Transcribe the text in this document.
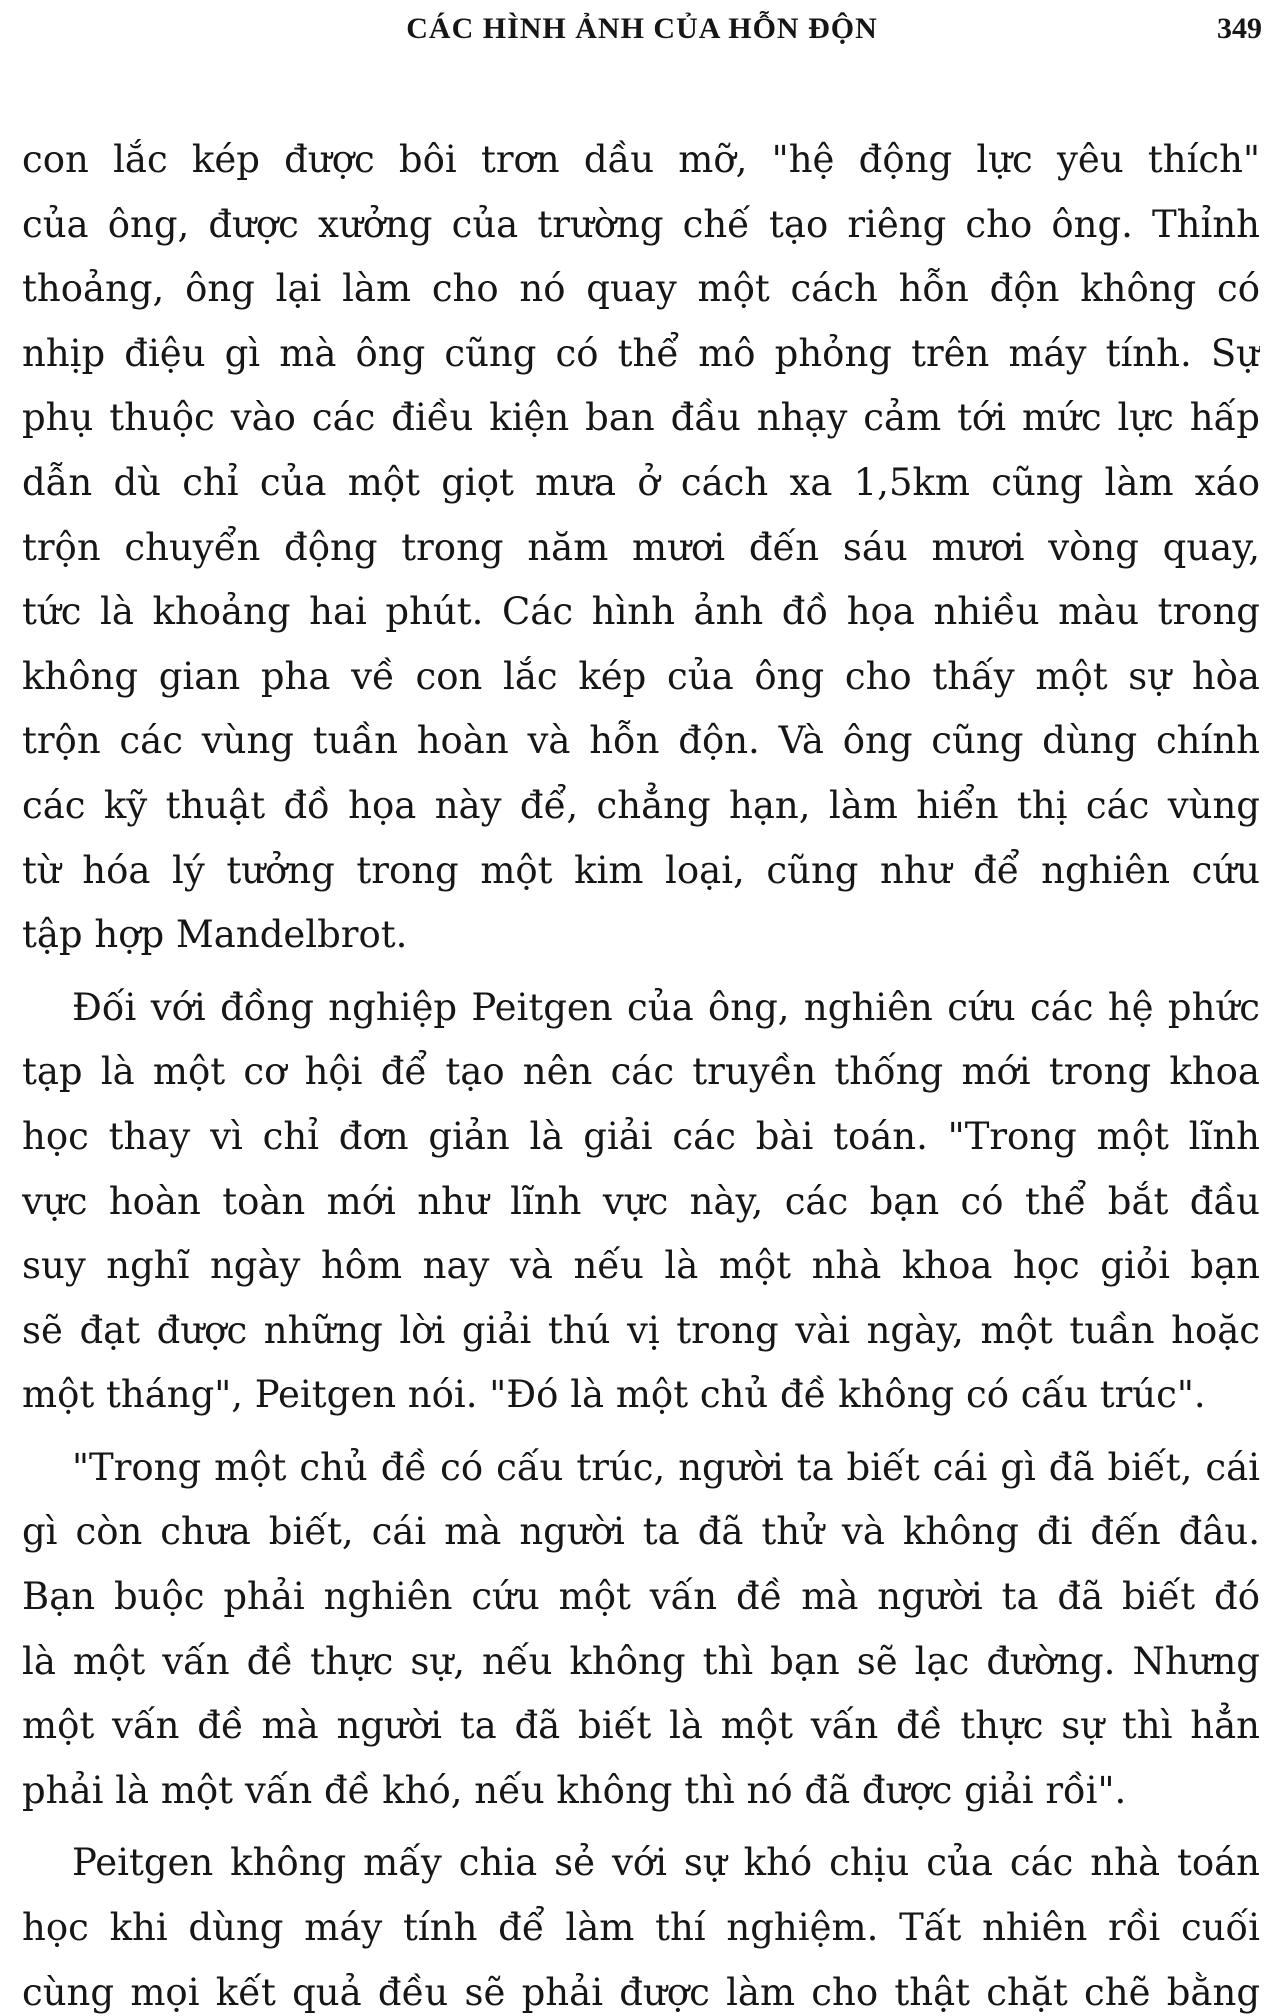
CÁC HÌNH ẢNH CỦA HỖN ĐỘN	349
con lắc kép được bôi trơn dầu mỡ, "hệ động lực yêu thích"
của ông, được xưởng của trường chế tạo riêng cho ông. Thỉnh
thoảng, ông lại làm cho nó quay một cách hỗn độn không có
nhịp điệu gì mà ông cũng có thể mô phỏng trên máy tính. Sự
phụ thuộc vào các điều kiện ban đầu nhạy cảm tới mức lực hấp
dẫn dù chỉ của một giọt mưa ở cách xa 1,5km cũng làm xáo
trộn chuyển động trong năm mươi đến sáu mươi vòng quay,
tức là khoảng hai phút. Các hình ảnh đồ họa nhiều màu trong
không gian pha về con lắc kép của ông cho thấy một sự hòa
trộn các vùng tuần hoàn và hỗn độn. Và ông cũng dùng chính
các kỹ thuật đồ họa này để, chẳng hạn, làm hiển thị các vùng
từ hóa lý tưởng trong một kim loại, cũng như để nghiên cứu
tập hợp Mandelbrot.
Đối với đồng nghiệp Peitgen của ông, nghiên cứu các hệ phức
tạp là một cơ hội để tạo nên các truyền thống mới trong khoa
học thay vì chỉ đơn giản là giải các bài toán. "Trong một lĩnh
vực hoàn toàn mới như lĩnh vực này, các bạn có thể bắt đầu
suy nghĩ ngày hôm nay và nếu là một nhà khoa học giỏi bạn
sẽ đạt được những lời giải thú vị trong vài ngày, một tuần hoặc
một tháng", Peitgen nói. "Đó là một chủ đề không có cấu trúc".
"Trong một chủ đề có cấu trúc, người ta biết cái gì đã biết, cái
gì còn chưa biết, cái mà người ta đã thử và không đi đến đâu.
Bạn buộc phải nghiên cứu một vấn đề mà người ta đã biết đó
là một vấn đề thực sự, nếu không thì bạn sẽ lạc đường. Nhưng
một vấn đề mà người ta đã biết là một vấn đề thực sự thì hẳn
phải là một vấn đề khó, nếu không thì nó đã được giải rồi".
Peitgen không mấy chia sẻ với sự khó chịu của các nhà toán
học khi dùng máy tính để làm thí nghiệm. Tất nhiên rồi cuối
cùng mọi kết quả đều sẽ phải được làm cho thật chặt chẽ bằng
